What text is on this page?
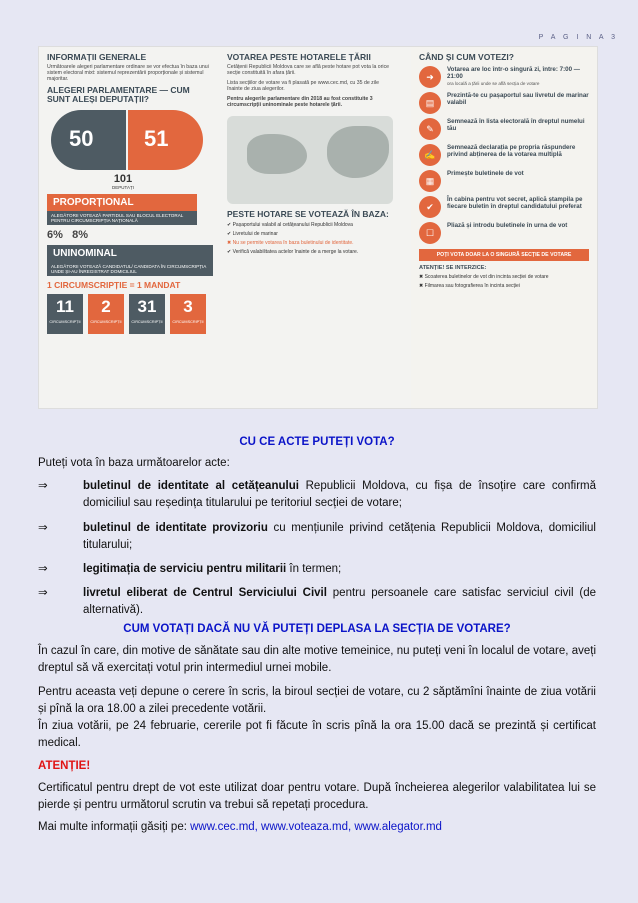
P A G I N A 3
INFORMAȚII GENERALE
Următoarele alegeri parlamentare ordinare se vor efectua în baza unui sistem electoral mixt: sistemul reprezentării proporționale și sistemul majoritar.
ALEGERI PARLAMENTARE — CUM SUNT ALEȘI DEPUTAȚII?
50 51
101
DEPUTAȚI
PROPORȚIONAL
ALEGĂTORII VOTEAZĂ PARTIDUL SAU BLOCUL ELECTORAL PENTRU CIRCUMSCRIPȚIA NAȚIONALĂ
6% 8%
UNINOMINAL
ALEGĂTORII VOTEAZĂ CANDIDATUL/ CANDIDATA ÎN CIRCUMSCRIPȚIA UNDE ȘI-AU ÎNREGISTRAT DOMICILIUL
1 CIRCUMSCRIPȚIE = 1 MANDAT
11
CIRCUMSCRIPȚII
2
CIRCUMSCRIPȚII
31
CIRCUMSCRIPȚII
3
CIRCUMSCRIPȚII
VOTAREA PESTE HOTARELE ȚĂRII
Cetățenii Republicii Moldova care se află peste hotare pot vota la orice secție constituită în afara țării.
Lista secțiilor de votare va fi plasată pe www.cec.md, cu 35 de zile înainte de ziua alegerilor.
Pentru alegerile parlamentare din 2018 au fost constituite 3 circumscripții uninominale peste hotarele țării.
PESTE HOTARE SE VOTEAZĂ ÎN BAZA:
✔ Pașaportului valabil al cetățeanului Republicii Moldova
✔ Livretului de marinar
✖ Nu se permite votarea în baza buletinului de identitate.
✔ Verifică valabilitatea actelor înainte de a merge la votare.
CÂND ȘI CUM VOTEZI?
➜
Votarea are loc într-o singură zi, între: 7:00 —21:00
ora locală a țării unde se află secția de votare
▤
Prezintă-te cu pașaportul sau livretul de marinar valabil
✎
Semnează în lista electorală în dreptul numelui tău
✍
Semnează declarația pe propria răspundere privind abținerea de la votarea multiplă
▦
Primește buletinele de vot
✔
În cabina pentru vot secret, aplică ștampila pe fiecare buletin în dreptul candidatului preferat
☐
Pliază și introdu buletinele în urna de vot
POȚI VOTA DOAR LA O SINGURĂ SECȚIE DE VOTARE
ATENȚIE! SE INTERZICE:
✖ Scoaterea buletinelor de vot din incinta secției de votare
✖ Filmarea sau fotografierea în incinta secției
CU CE ACTE PUTEȚI VOTA?
Puteți vota în baza următoarelor acte:
⇒	buletinul de identitate al cetățeanului Republicii Moldova, cu fișa de însoțire care confirmă domiciliul sau reședința titularului pe teritoriul secției de votare;
⇒	buletinul de identitate provizoriu cu mențiunile privind cetățenia Republicii Moldova, domiciliul titularului;
⇒	legitimația de serviciu pentru militarii în termen;
⇒	livretul eliberat de Centrul Serviciului Civil pentru persoanele care satisfac serviciul civil (de alternativă).
CUM VOTAȚI DACĂ NU VĂ PUTEȚI DEPLASA LA SECȚIA DE VOTARE?
În cazul în care, din motive de sănătate sau din alte motive temeinice, nu puteți veni în localul de votare, aveți dreptul să vă exercitați votul prin intermediul urnei mobile.
Pentru aceasta veți depune o cerere în scris, la biroul secției de votare, cu 2 săptămîni înainte de ziua votării și pînă la ora 18.00 a zilei precedente votării.
În ziua votării, pe 24 februarie, cererile pot fi făcute în scris pînă la ora 15.00 dacă se prezintă și certificat medical.
ATENȚIE!
Certificatul pentru drept de vot este utilizat doar pentru votare. După încheierea alegerilor valabilitatea lui se pierde și pentru următorul scrutin va trebui să repetați procedura.
Mai multe informații găsiți pe: www.cec.md, www.voteaza.md, www.alegator.md
